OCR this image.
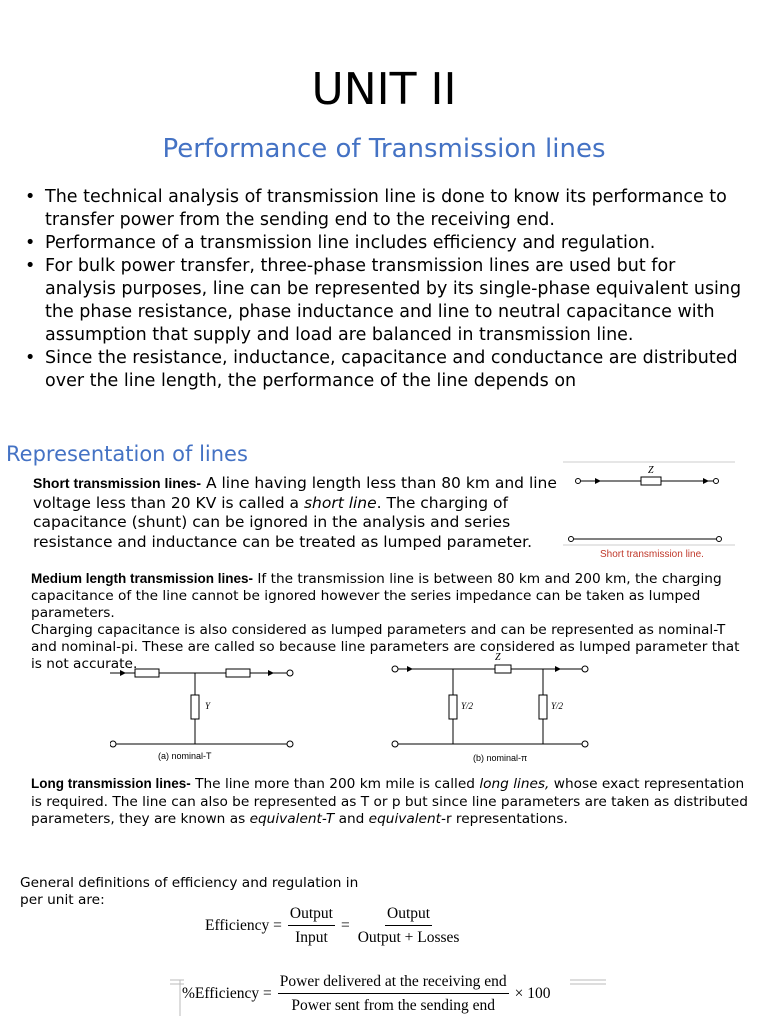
UNIT II
Performance of Transmission lines
• The technical analysis of transmission line is done to know its performance to transfer power from the sending end to the receiving end.
• Performance of a transmission line includes efficiency and regulation.
• For bulk power transfer, three-phase transmission lines are used but for analysis purposes, line can be represented by its single-phase equivalent using the phase resistance, phase inductance and line to neutral capacitance with assumption that supply and load are balanced in transmission line.
• Since the resistance, inductance, capacitance and conductance are distributed over the line length, the performance of the line depends on
Representation of lines
Short transmission lines- A line having length less than 80 km and line voltage less than 20 KV is called a short line. The charging of capacitance (shunt) can be ignored in the analysis and series resistance and inductance can be treated as lumped parameter.
Z
Short transmission line.
Medium length transmission lines- If the transmission line is between 80 km and 200 km, the charging capacitance of the line cannot be ignored however the series impedance can be taken as lumped parameters.
Charging capacitance is also considered as lumped parameters and can be represented as nominal-T and nominal-pi. These are called so because line parameters are considered as lumped parameter that is not accurate.
Y
(a) nominal-T
Z
Y/2	Y/2
(b) nominal-π
Long transmission lines- The line more than 200 km mile is called long lines, whose exact representation is required. The line can also be represented as T or p but since line parameters are taken as distributed parameters, they are known as equivalent-T and equivalent-r representations.
General definitions of efficiency and regulation in per unit are:
Efficiency = $\frac{\text{Output}}{\text{Input}} = \frac{\text{Output}}{\text{Output + Losses}}$
%Efficiency = $\frac{\text{Power delivered at the receiving end}}{\text{Power sent from the sending end}} \times 100$
